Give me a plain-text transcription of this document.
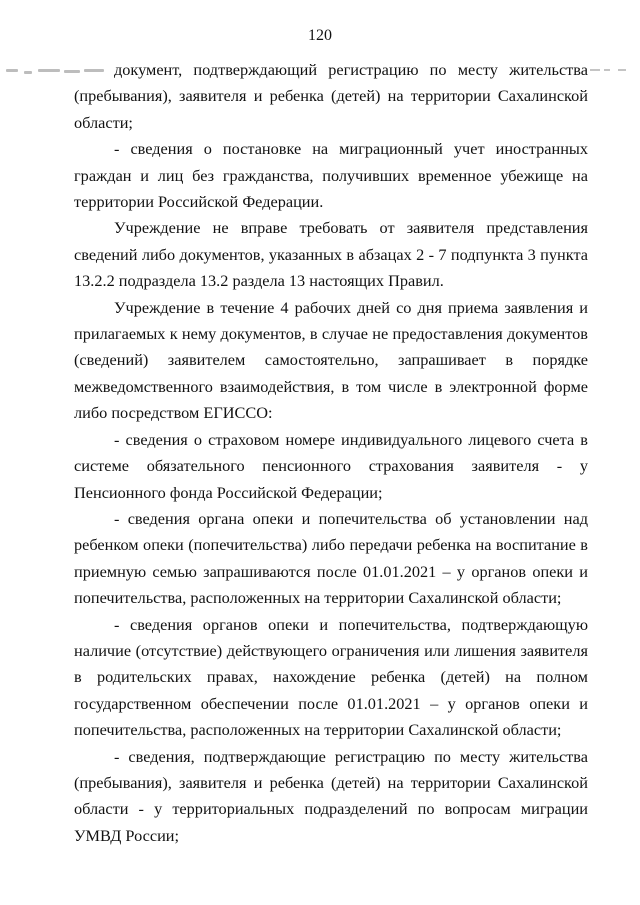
120

документ, подтверждающий регистрацию по месту жительства (пребывания), заявителя и ребенка (детей) на территории Сахалинской области;

- сведения о постановке на миграционный учет иностранных граждан и лиц без гражданства, получивших временное убежище на территории Российской Федерации.

Учреждение не вправе требовать от заявителя представления сведений либо документов, указанных в абзацах 2 - 7 подпункта 3 пункта 13.2.2 подраздела 13.2 раздела 13 настоящих Правил.

Учреждение в течение 4 рабочих дней со дня приема заявления и прилагаемых к нему документов, в случае не предоставления документов (сведений) заявителем самостоятельно, запрашивает в порядке межведомственного взаимодействия, в том числе в электронной форме либо посредством ЕГИССО:

- сведения о страховом номере индивидуального лицевого счета в системе обязательного пенсионного страхования заявителя - у Пенсионного фонда Российской Федерации;

- сведения органа опеки и попечительства об установлении над ребенком опеки (попечительства) либо передачи ребенка на воспитание в приемную семью запрашиваются после 01.01.2021 – у органов опеки и попечительства, расположенных на территории Сахалинской области;

- сведения органов опеки и попечительства, подтверждающую наличие (отсутствие) действующего ограничения или лишения заявителя в родительских правах, нахождение ребенка (детей) на полном государственном обеспечении после 01.01.2021 – у органов опеки и попечительства, расположенных на территории Сахалинской области;

- сведения, подтверждающие регистрацию по месту жительства (пребывания), заявителя и ребенка (детей) на территории Сахалинской области - у территориальных подразделений по вопросам миграции УМВД России;
